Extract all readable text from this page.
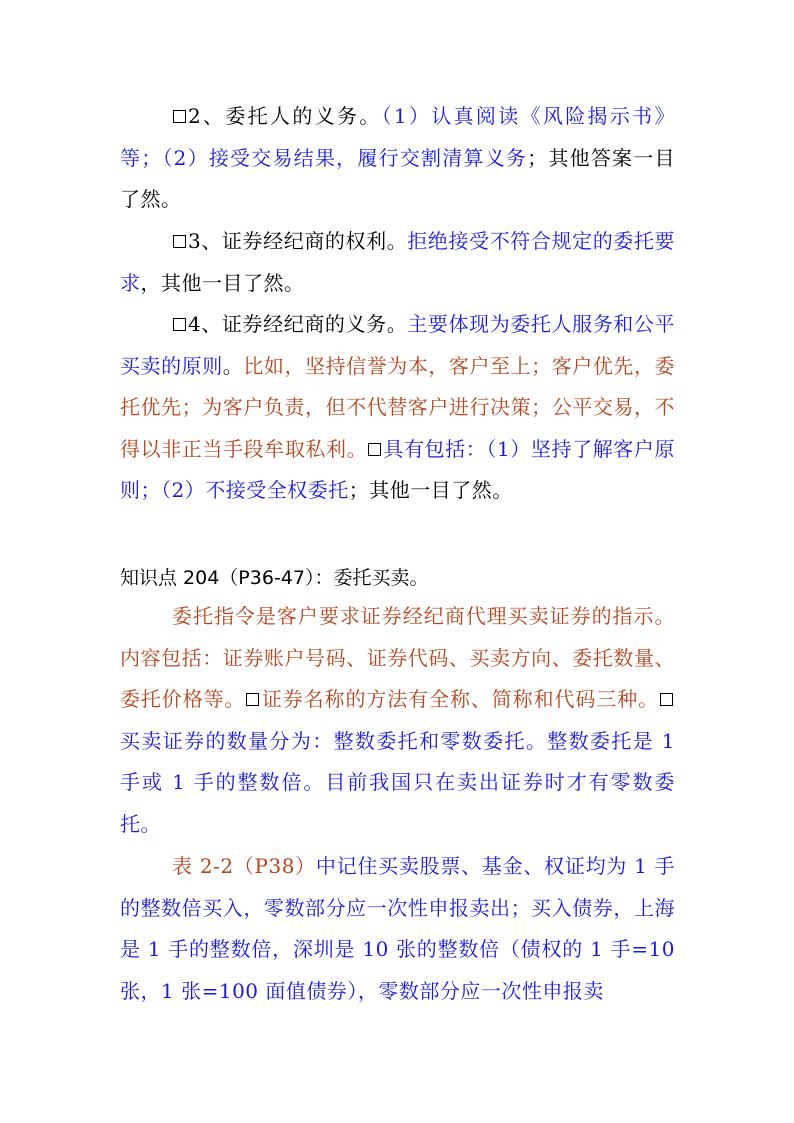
2、委托人的义务。（1）认真阅读《风险揭示书》等；（2）接受交易结果，履行交割清算义务；其他答案一目了然。
3、证券经纪商的权利。拒绝接受不符合规定的委托要求，其他一目了然。
4、证券经纪商的义务。主要体现为委托人服务和公平买卖的原则。比如，坚持信誉为本，客户至上；客户优先，委托优先；为客户负责，但不代替客户进行决策；公平交易，不得以非正当手段牟取私利。 具有包括：（1）坚持了解客户原则；（2）不接受全权委托；其他一目了然。
知识点 204（P36-47）：委托买卖。
委托指令是客户要求证券经纪商代理买卖证券的指示。内容包括：证券账户号码、证券代码、买卖方向、委托数量、委托价格等。 证券名称的方法有全称、简称和代码三种。买卖证券的数量分为：整数委托和零数委托。整数委托是 1 手或 1 手的整数倍。目前我国只在卖出证券时才有零数委托。
表 2-2（P38）中记住买卖股票、基金、权证均为 1 手的整数倍买入，零数部分应一次性申报卖出；买入债券，上海是 1 手的整数倍，深圳是 10 张的整数倍（债权的 1 手=10 张，1 张=100 面值债券），零数部分应一次性申报卖
